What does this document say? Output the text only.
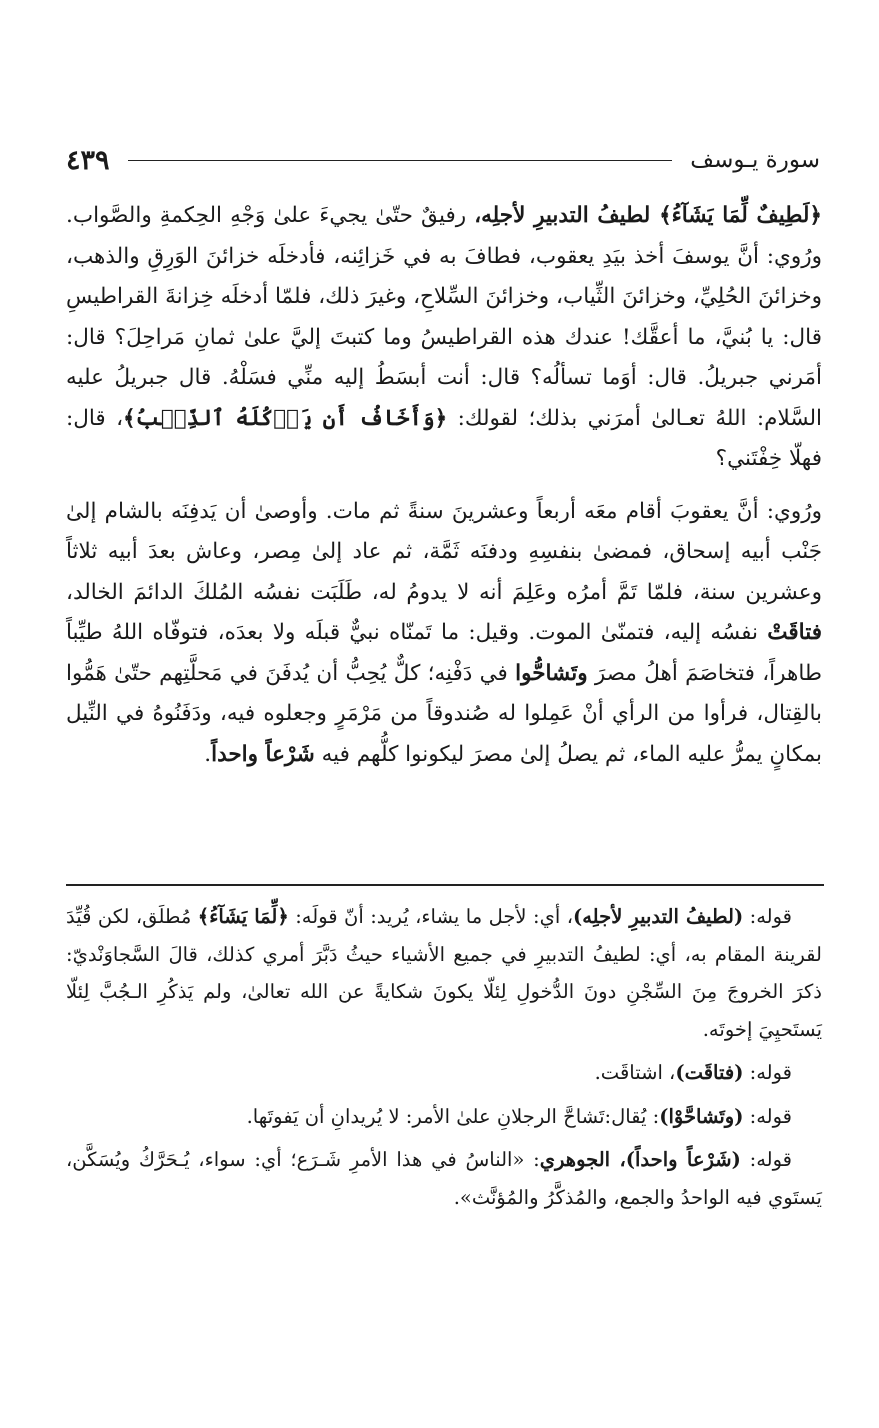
سورة يـوسف
٤٣٩

﴿لَطِيفٌ لِّمَا يَشَآءُ﴾ لطيفُ التدبيرِ لأجلِه، رفيقٌ حتّىٰ يجيءَ علىٰ وَجْهِ الحِكمةِ والصَّواب. ورُوي: أنَّ يوسفَ أخذ بيَدِ يعقوب، فطافَ به في خَزائِنه، فأدخلَه خزائنَ الوَرِقِ والذهب، وخزائنَ الحُلِيِّ، وخزائنَ الثِّياب، وخزائنَ السِّلاحِ، وغيرَ ذلك، فلمّا أدخلَه خِزانةَ القراطيسِ قال: يا بُنيَّ، ما أعقَّك! عندك هذه القراطيسُ وما كتبتَ إليَّ علىٰ ثمانِ مَراحِلَ؟ قال: أمَرني جبريلُ. قال: أوَما تسألُه؟ قال: أنت أبسَطُ إليه منِّي فسَلْهُ. قال جبريلُ عليه السَّلام: اللهُ تعـالىٰ أمرَني بذلك؛ لقولك: ﴿وَأَخَافُ أَن يَأۡكُلَهُ ٱلذِّئۡبُ﴾، قال: فهلّا خِفْتَني؟

ورُوي: أنَّ يعقوبَ أقام معَه أربعاً وعشرينَ سنةً ثم مات. وأوصىٰ أن يَدفِنَه بالشام إلىٰ جَنْب أبيه إسحاق، فمضىٰ بنفسِهِ ودفنَه ثَمَّة، ثم عاد إلىٰ مِصر، وعاش بعدَ أبيه ثلاثاً وعشرين سنة، فلمّا تَمَّ أمرُه وعَلِمَ أنه لا يدومُ له، طَلَبَت نفسُه المُلكَ الدائمَ الخالد، فتاقَتْ نفسُه إليه، فتمنّىٰ الموت. وقيل: ما تَمنّاه نبيٌّ قبلَه ولا بعدَه، فتوفّاه اللهُ طيِّباً طاهراً، فتخاصَمَ أهلُ مصرَ وتَشاحُّوا في دَفْنِه؛ كلٌّ يُحِبُّ أن يُدفَنَ في مَحلَّتِهم حتّىٰ هَمُّوا بالقِتال، فرأوا من الرأي أنْ عَمِلوا له صُندوقاً من مَرْمَرٍ وجعلوه فيه، ودَفَنُوهُ في النِّيل بمكانٍ يمرُّ عليه الماء، ثم يصلُ إلىٰ مصرَ ليكونوا كلُّهم فيه شَرْعاً واحداً.

قوله: (لطيفُ التدبيرِ لأجلِه)، أي: لأجل ما يشاء، يُريد: أنّ قولَه: ﴿لِّمَا يَشَآءُ﴾ مُطلَق، لكن قُيِّدَ لقرينة المقام به، أي: لطيفُ التدبيرِ في جميع الأشياء حيثُ دَبَّرَ أمري كذلك، قالَ السَّجاوَنْديّ: ذكرَ الخروجَ مِنَ السِّجْنِ دونَ الدُّخولِ لِئلّا يكونَ شكايةً عن الله تعالىٰ، ولم يَذكُرِ الـجُبَّ لِئلّا يَستَحيِيَ إخوتَه.

قوله: (فتاقَت)، اشتاقَت.

قوله: (وتَشاحَّوْا): يُقال:تَشاحَّ الرجلانِ علىٰ الأمر: لا يُريدانِ أن يَفوتَها.

قوله: (شَرْعاً واحداً)، الجوهري: «الناسُ في هذا الأمرِ شَـرَع؛ أي: سواء، يُـحَرَّكُ ويُسَكَّن، يَستَوي فيه الواحدُ والجمع، والمُذكَّرُ والمُؤنَّث».
